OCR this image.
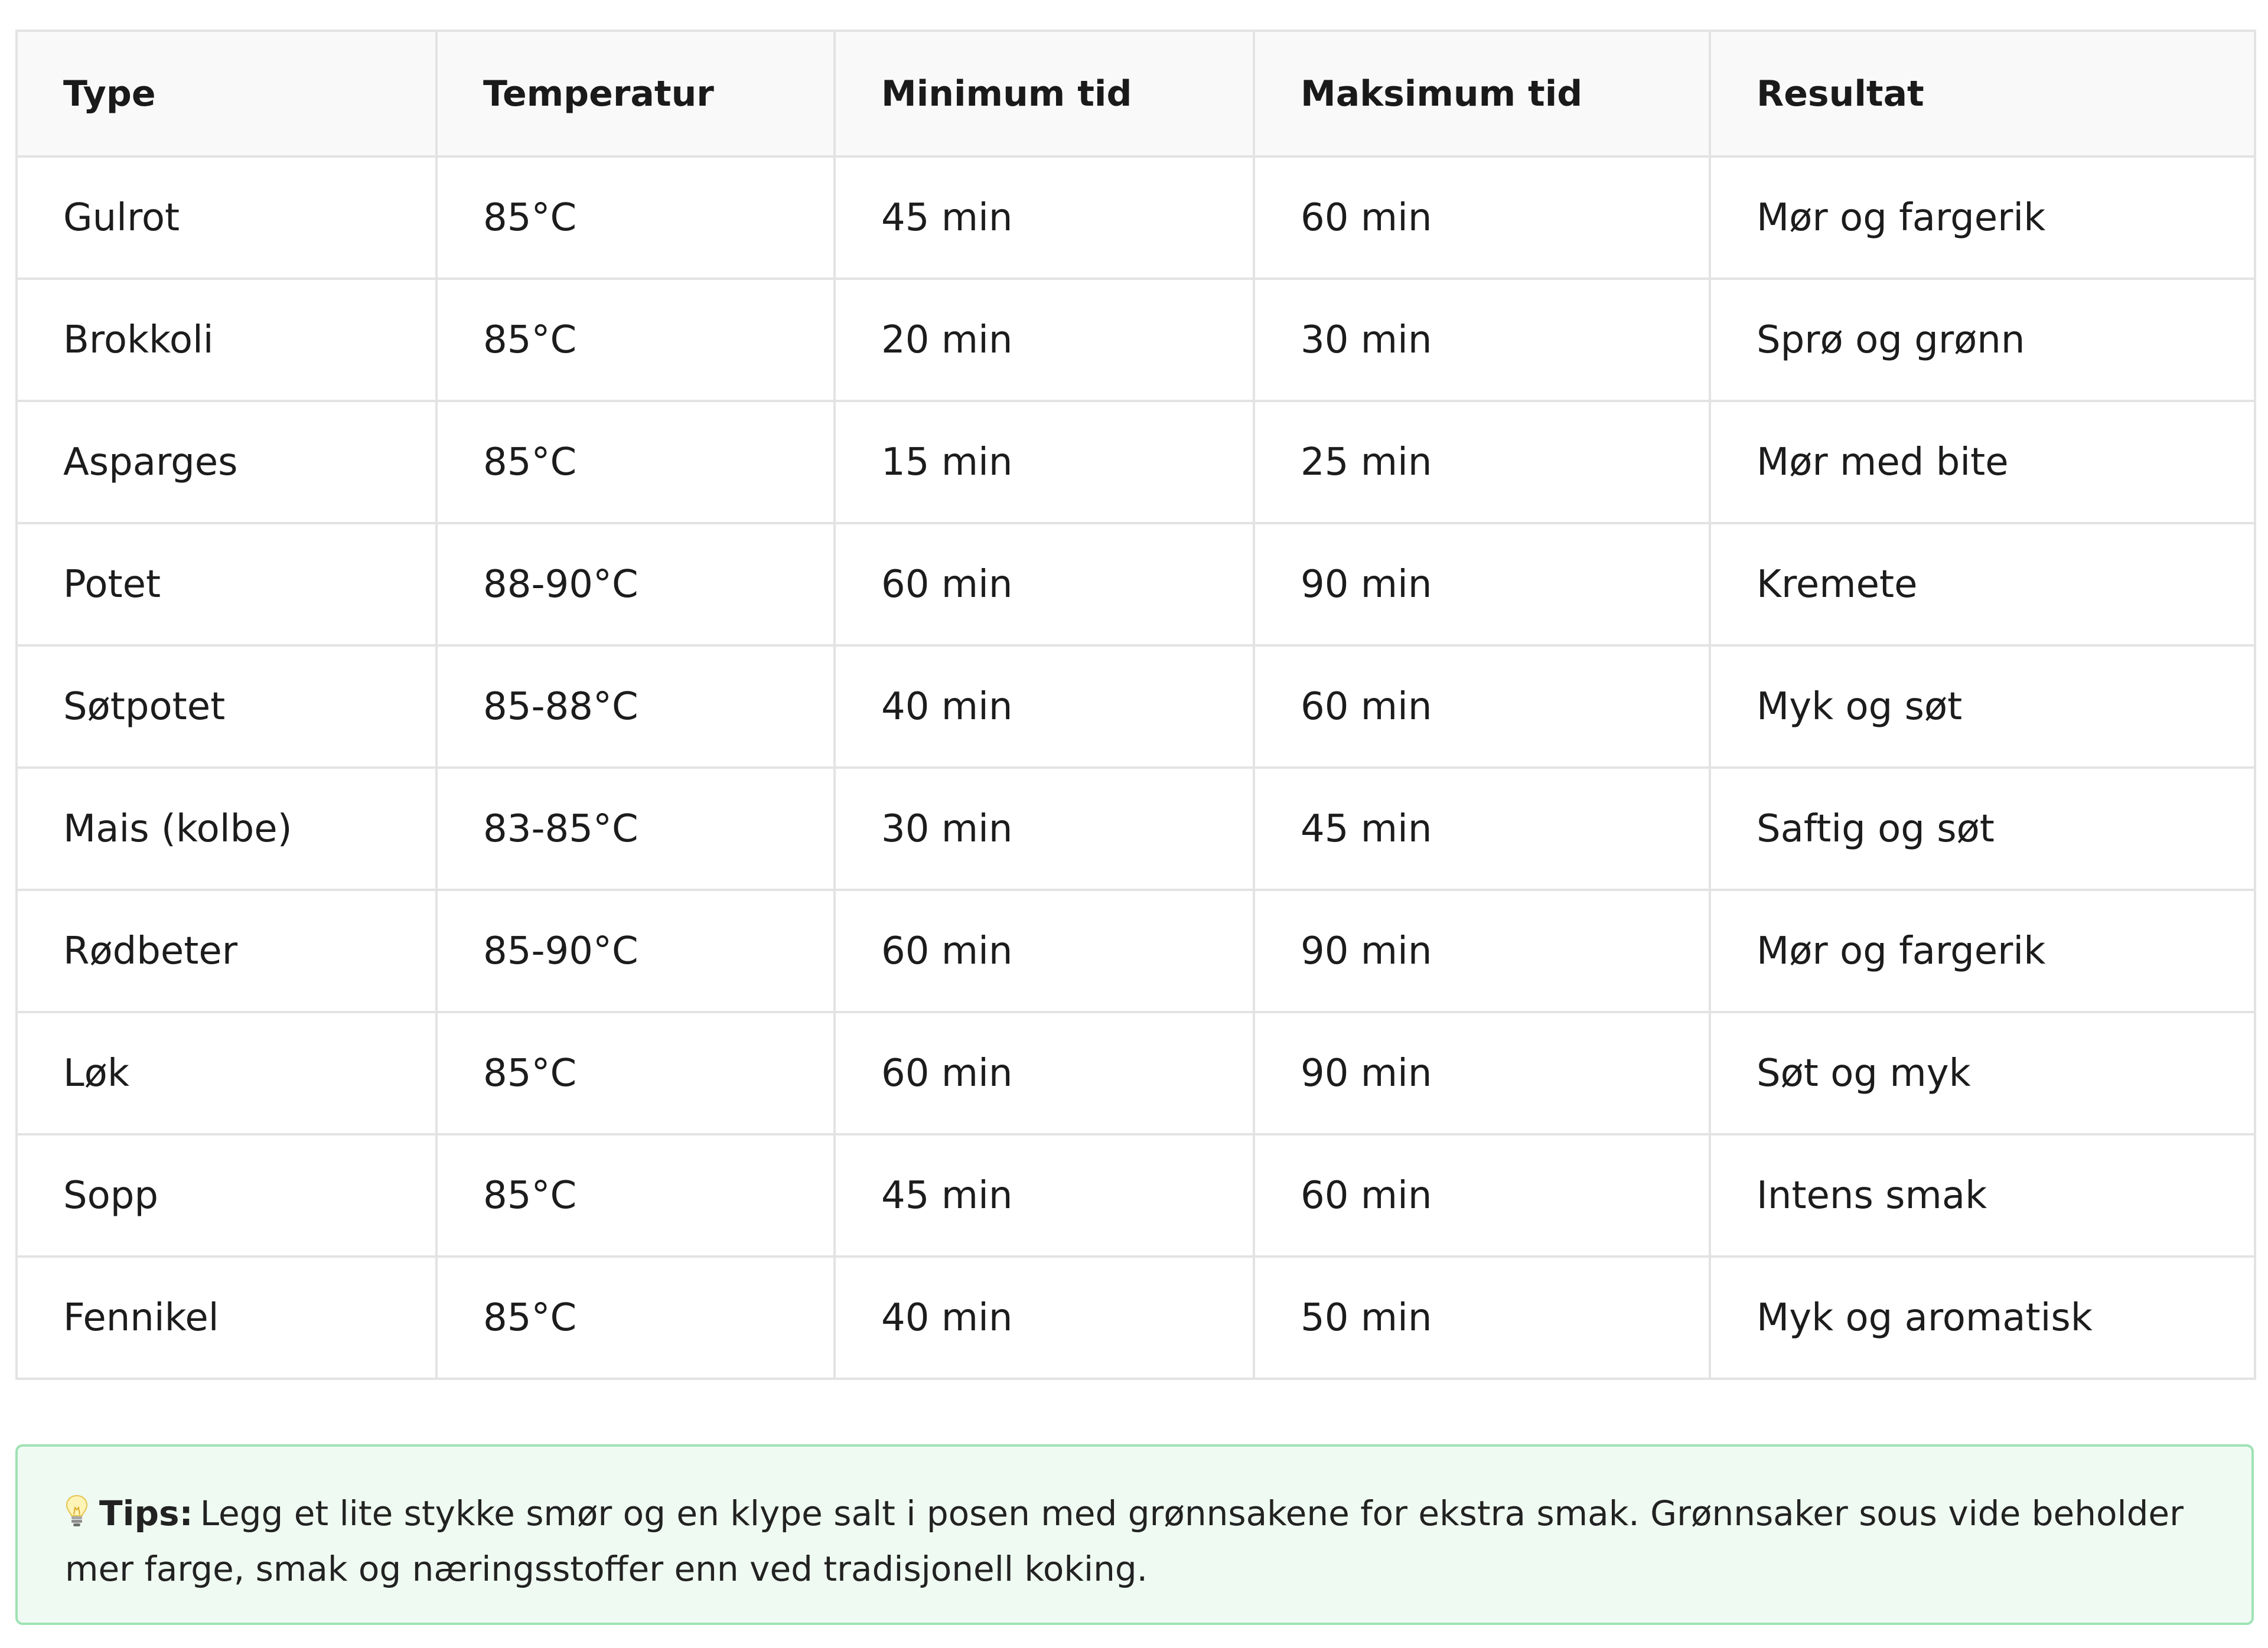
Type	Temperatur	Minimum tid	Maksimum tid	Resultat
Gulrot	85°C	45 min	60 min	Mør og fargerik
Brokkoli	85°C	20 min	30 min	Sprø og grønn
Asparges	85°C	15 min	25 min	Mør med bite
Potet	88-90°C	60 min	90 min	Kremete
Søtpotet	85-88°C	40 min	60 min	Myk og søt
Mais (kolbe)	83-85°C	30 min	45 min	Saftig og søt
Rødbeter	85-90°C	60 min	90 min	Mør og fargerik
Løk	85°C	60 min	90 min	Søt og myk
Sopp	85°C	45 min	60 min	Intens smak
Fennikel	85°C	40 min	50 min	Myk og aromatisk
Tips: Legg et lite stykke smør og en klype salt i posen med grønnsakene for ekstra smak. Grønnsaker sous vide beholder mer farge, smak og næringsstoffer enn ved tradisjonell koking.
